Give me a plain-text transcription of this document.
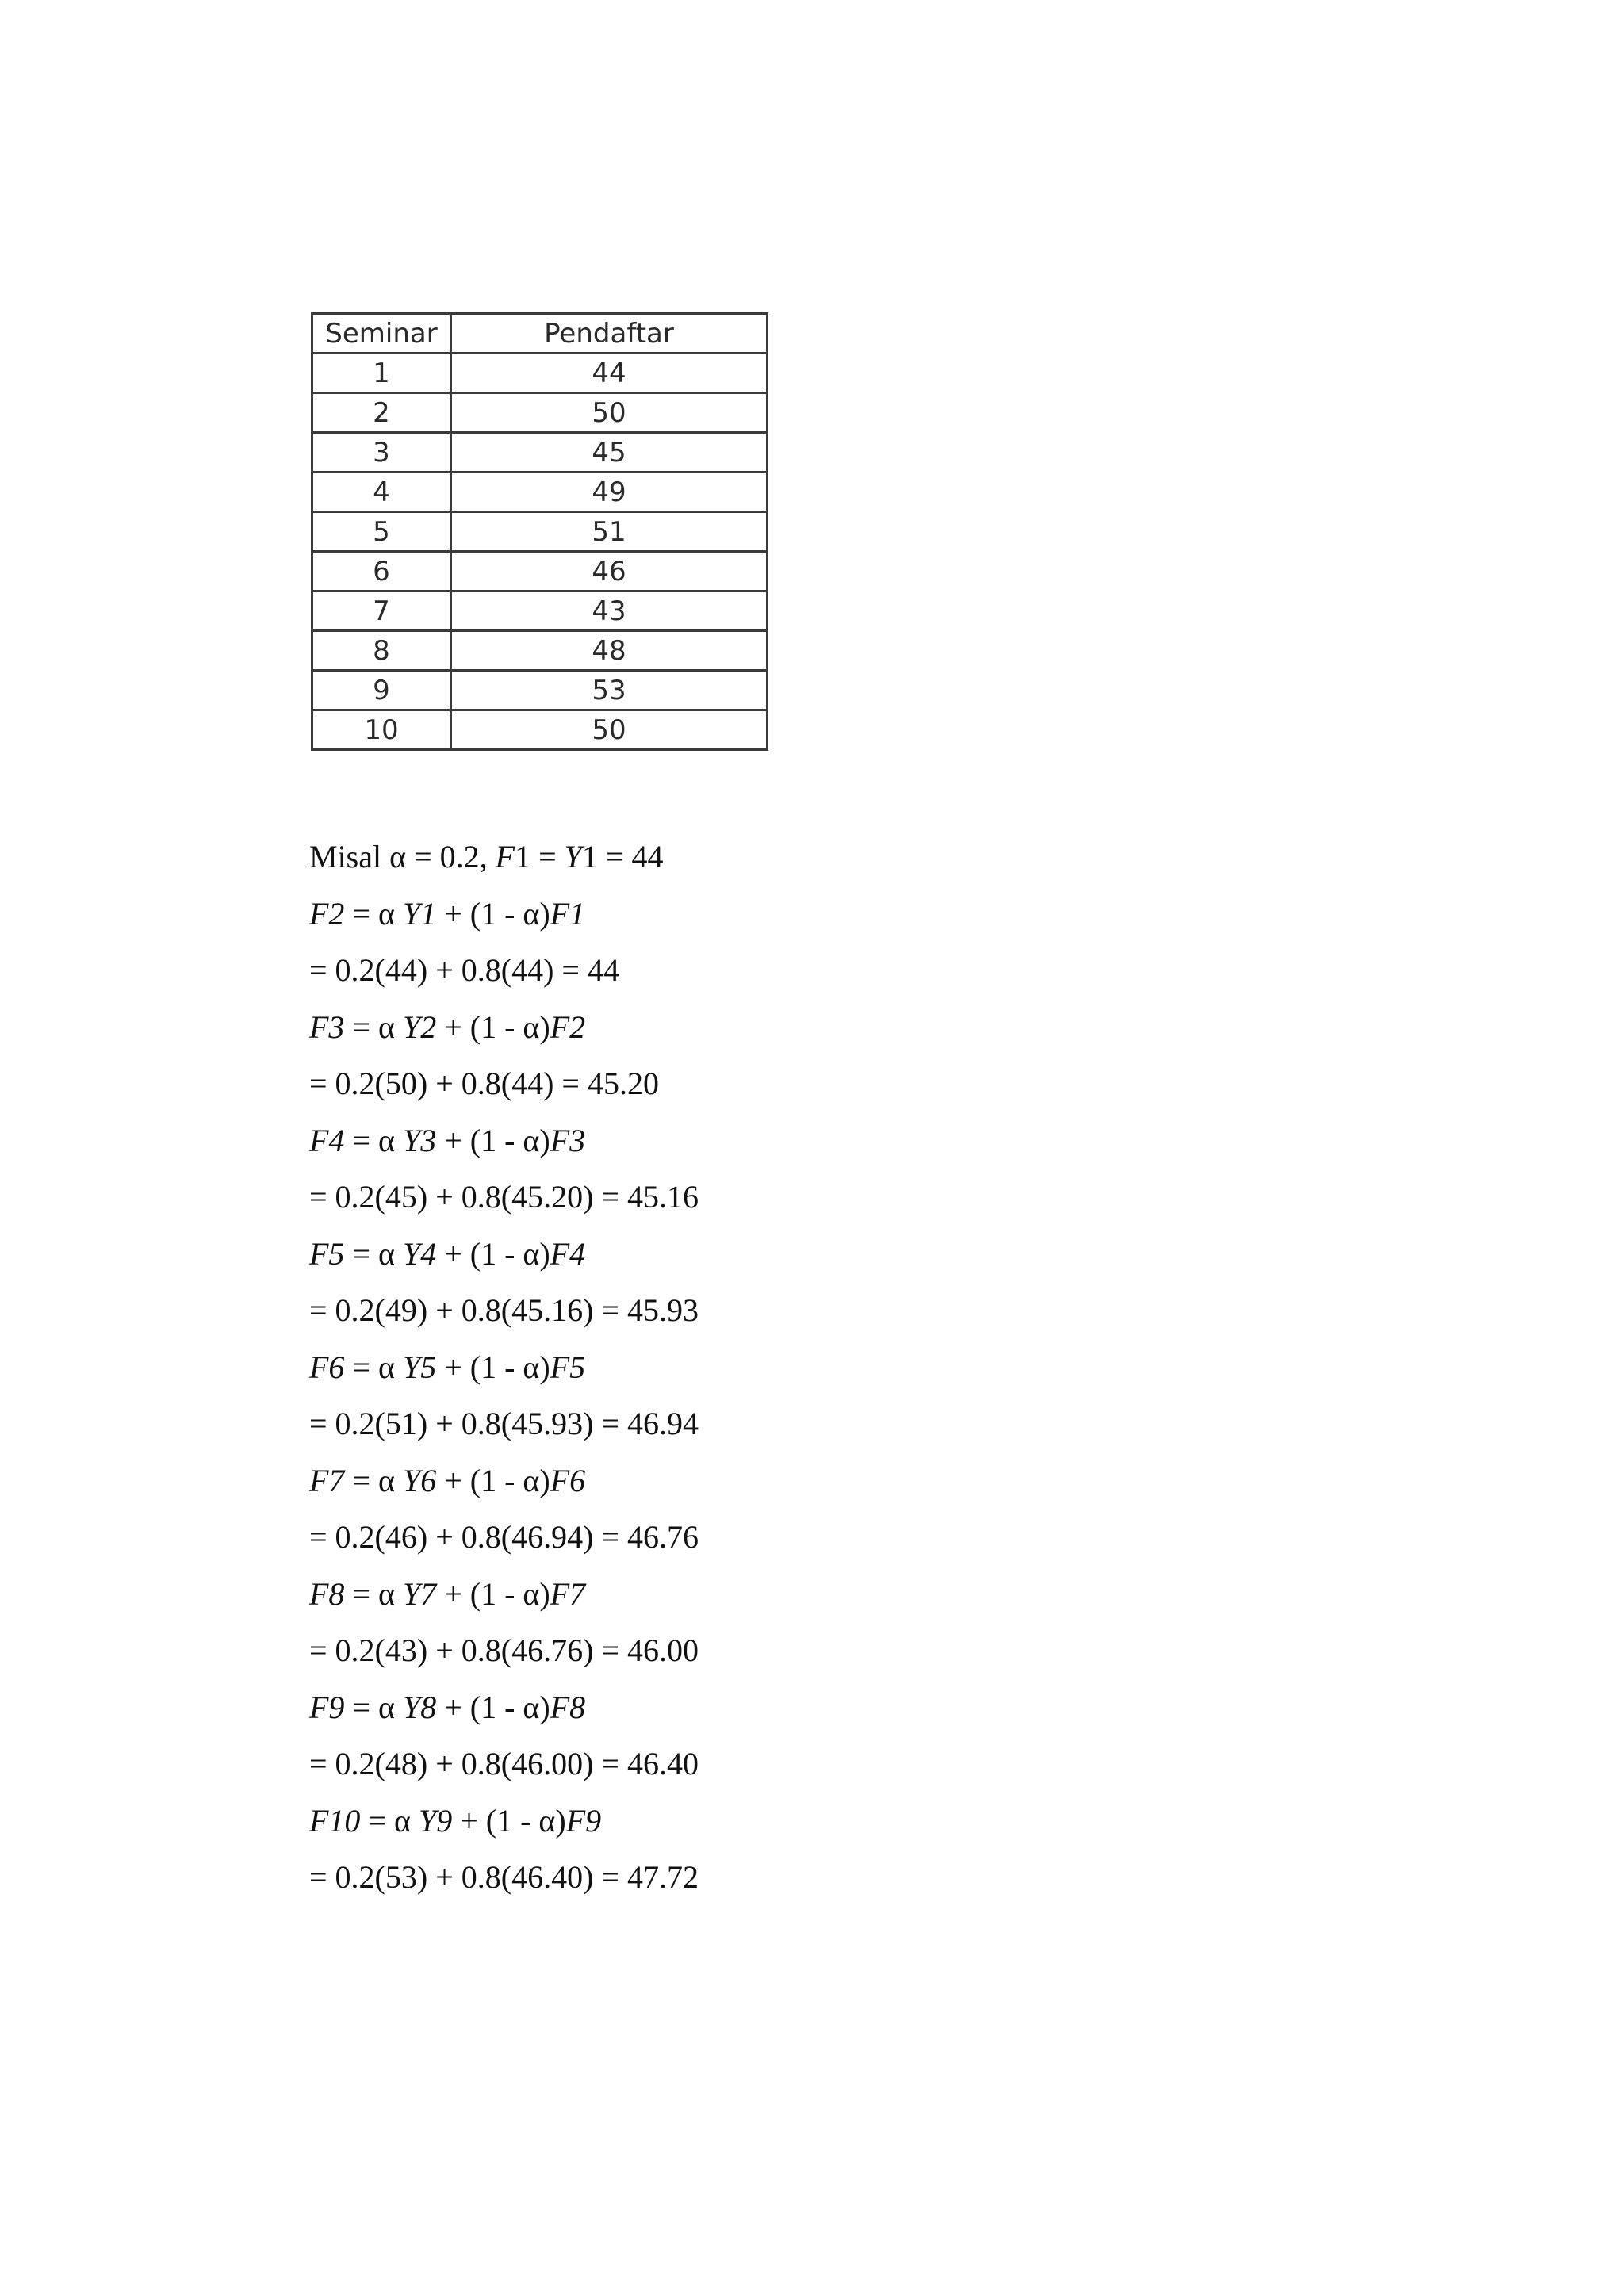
Seminar	Pendaftar
1	44
2	50
3	45
4	49
5	51
6	46
7	43
8	48
9	53
10	50
Misal α = 0.2, F1 = Y1 = 44
F2 = α Y1 + (1 - α)F1
= 0.2(44) + 0.8(44) = 44
F3 = α Y2 + (1 - α)F2
= 0.2(50) + 0.8(44) = 45.20
F4 = α Y3 + (1 - α)F3
= 0.2(45) + 0.8(45.20) = 45.16
F5 = α Y4 + (1 - α)F4
= 0.2(49) + 0.8(45.16) = 45.93
F6 = α Y5 + (1 - α)F5
= 0.2(51) + 0.8(45.93) = 46.94
F7 = α Y6 + (1 - α)F6
= 0.2(46) + 0.8(46.94) = 46.76
F8 = α Y7 + (1 - α)F7
= 0.2(43) + 0.8(46.76) = 46.00
F9 = α Y8 + (1 - α)F8
= 0.2(48) + 0.8(46.00) = 46.40
F10 = α Y9 + (1 - α)F9
= 0.2(53) + 0.8(46.40) = 47.72
